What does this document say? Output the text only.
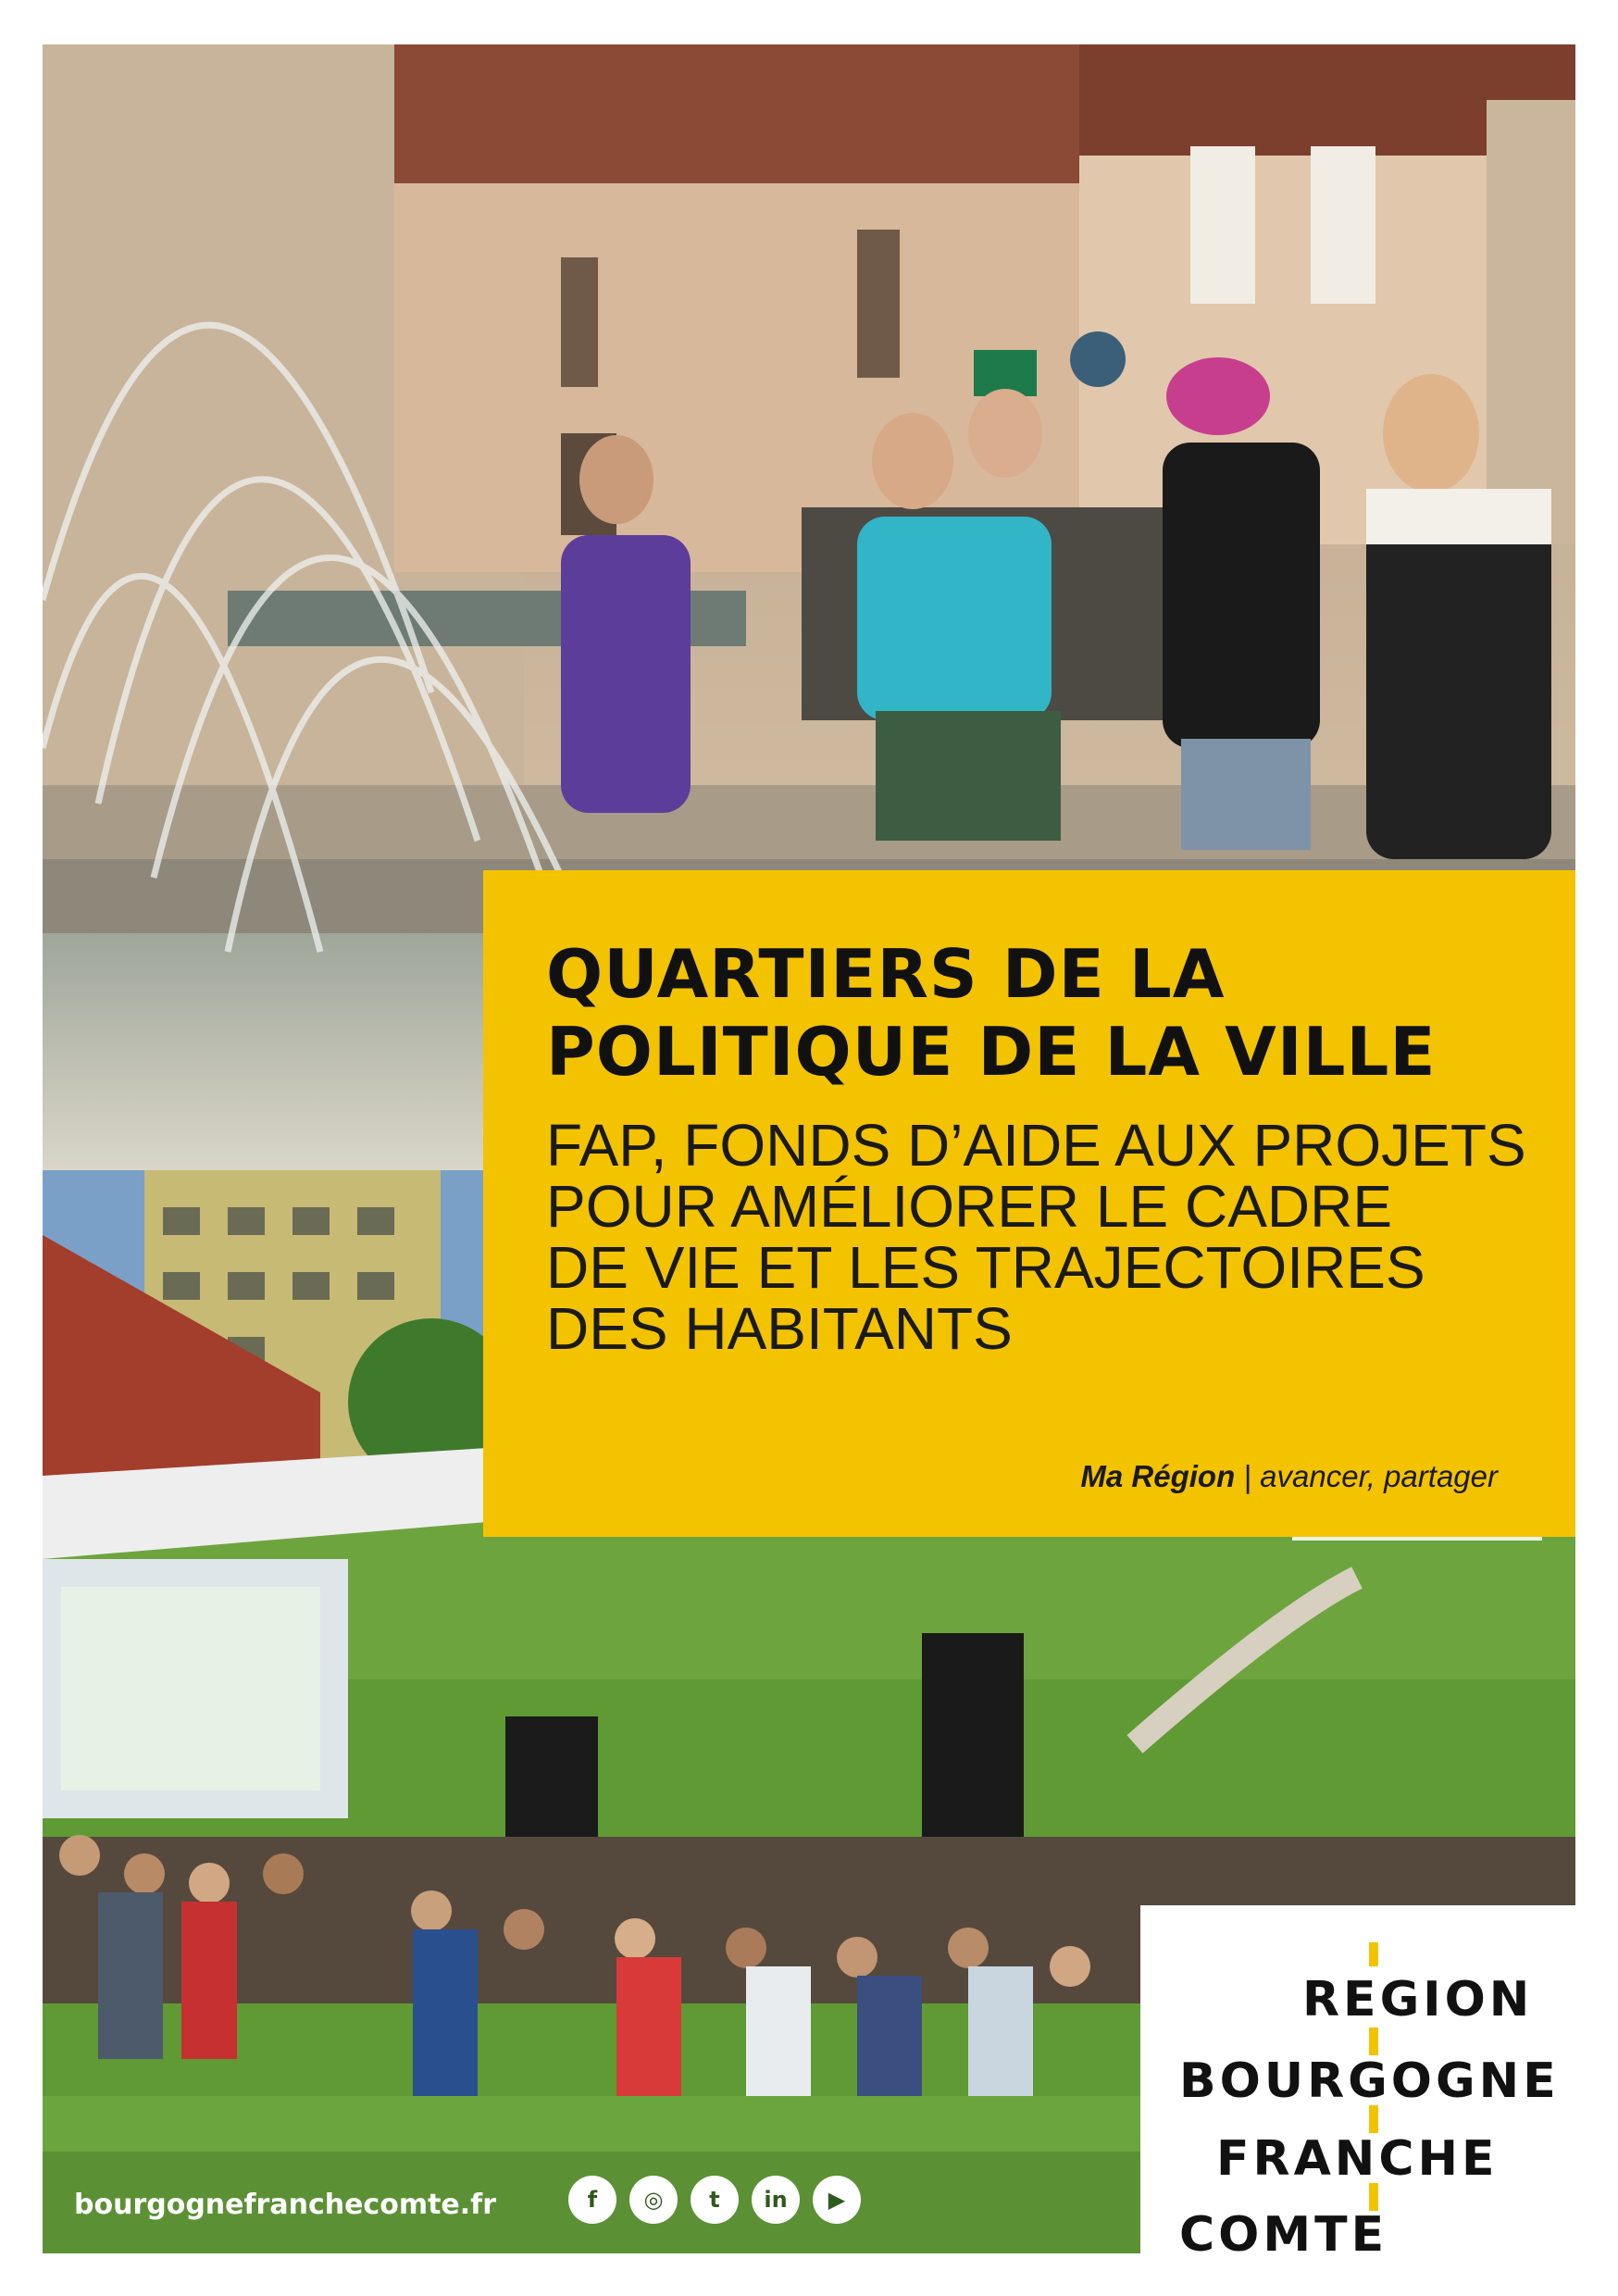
QUARTIERS DE LA
POLITIQUE DE LA VILLE

FAP, FONDS D’AIDE AUX PROJETS
POUR AMÉLIORER LE CADRE
DE VIE ET LES TRAJECTOIRES
DES HABITANTS

Ma Région | avancer, partager
REGION
BOURGOGNE
FRANCHE
COMTE
bourgognefranchecomte.fr	f	◎	t	in	▶
